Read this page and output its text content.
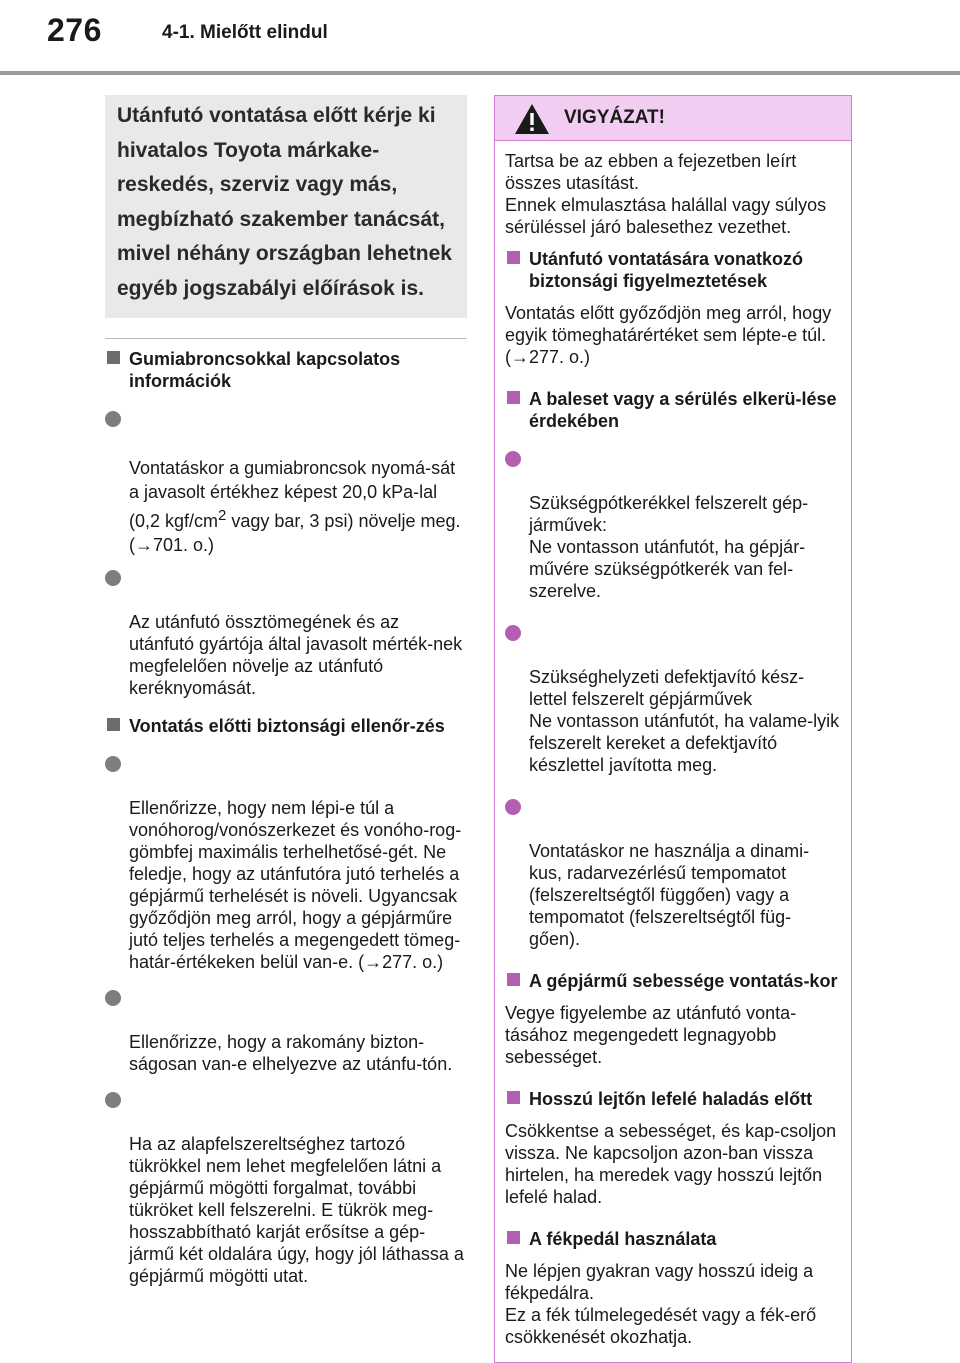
276	4-1. Mielőtt elindul

Utánfutó vontatása előtt kérje ki hivatalos Toyota márkakereskedés, szerviz vagy más, megbízható szakember tanácsát, mivel néhány országban lehetnek egyéb jogszabályi előírások is.

Gumiabroncsokkal kapcsolatos információk

Vontatáskor a gumiabroncsok nyomá-sát a javasolt értékhez képest 20,0 kPa-lal (0,2 kgf/$cm^2$ vagy bar, 3 psi) növelje meg. (→701. o.)

Az utánfutó össztömegének és az utánfutó gyártója által javasolt mérték-nek megfelelően növelje az utánfutó keréknyomását.

Vontatás előtti biztonsági ellenőr-zés

Ellenőrizze, hogy nem lépi-e túl a vonóhorog/vonószerkezet és vonóho-rog-gömbfej maximális terhelhetősé-gét. Ne feledje, hogy az utánfutóra jutó terhelés a gépjármű terhelését is növeli. Ugyancsak győződjön meg arról, hogy a gépjárműre jutó teljes terhelés a megengedett tömeg-határ-értékeken belül van-e. (→277. o.)

Ellenőrizze, hogy a rakomány bizton-ságosan van-e elhelyezve az utánfu-tón.

Ha az alapfelszereltséghez tartozó tükrökkel nem lehet megfelelően látni a gépjármű mögötti forgalmat, további tükröket kell felszerelni. E tükrök meg-hosszabbítható karját erősítse a gép-jármű két oldalára úgy, hogy jól láthassa a gépjármű mögötti utat.

VIGYÁZAT!

Tartsa be az ebben a fejezetben leírt összes utasítást.
Ennek elmulasztása halállal vagy súlyos sérüléssel járó balesethez vezethet.

Utánfutó vontatására vonatkozó biztonsági figyelmeztetések

Vontatás előtt győződjön meg arról, hogy egyik tömeghatárértéket sem lépte-e túl. (→277. o.)

A baleset vagy a sérülés elkerü-lése érdekében

Szükségpótkerékkel felszerelt gép-járművek:
Ne vontasson utánfutót, ha gépjár-művére szükségpótkerék van fel-szerelve.

Szükséghelyzeti defektjavító kész-lettel felszerelt gépjárművek
Ne vontasson utánfutót, ha valame-lyik felszerelt kereket a defektjavító készlettel javította meg.

Vontatáskor ne használja a dinami-kus, radarvezérlésű tempomatot (felszereltségtől függően) vagy a tempomatot (felszereltségtől füg-gően).

A gépjármű sebessége vontatás-kor

Vegye figyelembe az utánfutó vonta-tásához megengedett legnagyobb sebességet.

Hosszú lejtőn lefelé haladás előtt

Csökkentse a sebességet, és kap-csoljon vissza. Ne kapcsoljon azon-ban vissza hirtelen, ha meredek vagy hosszú lejtőn lefelé halad.

A fékpedál használata

Ne lépjen gyakran vagy hosszú ideig a fékpedálra.
Ez a fék túlmelegedését vagy a fék-erő csökkenését okozhatja.
